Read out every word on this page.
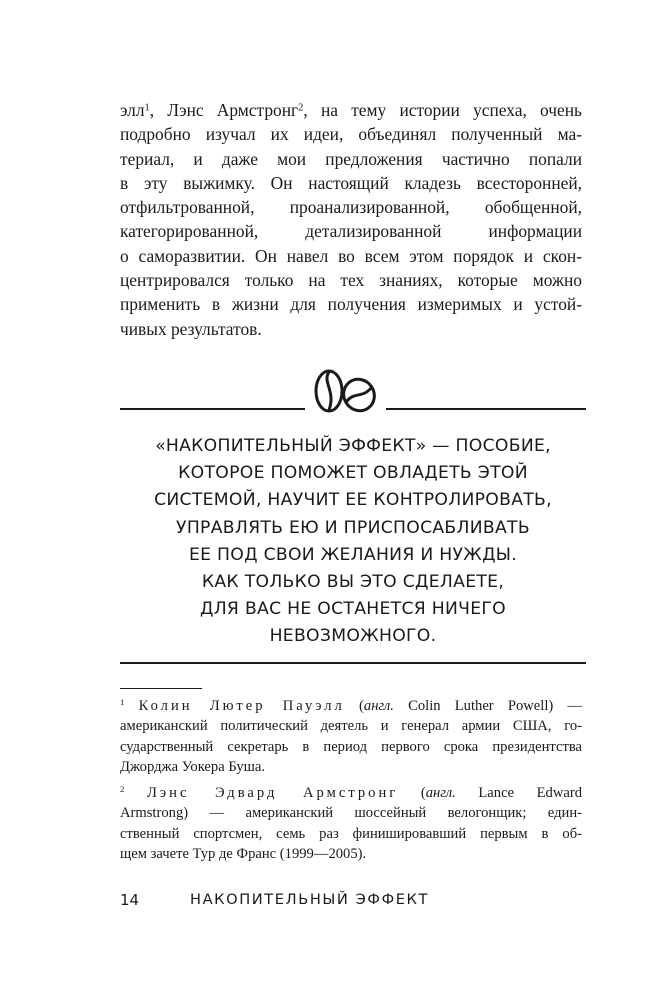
элл$^1$, Лэнс Армстронг$^2$, на тему истории успеха, очень
подробно изучал их идеи, объединял полученный ма-
териал, и даже мои предложения частично попали
в эту выжимку. Он настоящий кладезь всесторонней,
отфильтрованной, проанализированной, обобщенной,
категорированной, детализированной информации
о саморазвитии. Он навел во всем этом порядок и скон-
центрировался только на тех знаниях, которые можно
применить в жизни для получения измеримых и устой-
чивых результатов.
«НАКОПИТЕЛЬНЫЙ ЭФФЕКТ» — ПОСОБИЕ,
КОТОРОЕ ПОМОЖЕТ ОВЛАДЕТЬ ЭТОЙ
СИСТЕМОЙ, НАУЧИТ ЕЕ КОНТРОЛИРОВАТЬ,
УПРАВЛЯТЬ ЕЮ И ПРИСПОСАБЛИВАТЬ
ЕЕ ПОД СВОИ ЖЕЛАНИЯ И НУЖДЫ.
КАК ТОЛЬКО ВЫ ЭТО СДЕЛАЕТЕ,
ДЛЯ ВАС НЕ ОСТАНЕТСЯ НИЧЕГО
НЕВОЗМОЖНОГО.
$^1$ Колин Лютер Пауэлл (англ. Colin Luther Powell) —
американский политический деятель и генерал армии США, го-
сударственный секретарь в период первого срока президентства
Джорджа Уокера Буша.
$^2$ Лэнс Эдвард Армстронг (англ. Lance Edward
Armstrong) — американский шоссейный велогонщик; един-
ственный спортсмен, семь раз финишировавший первым в об-
щем зачете Тур де Франс (1999—2005).
14	НАКОПИТЕЛЬНЫЙ ЭФФЕКТ
